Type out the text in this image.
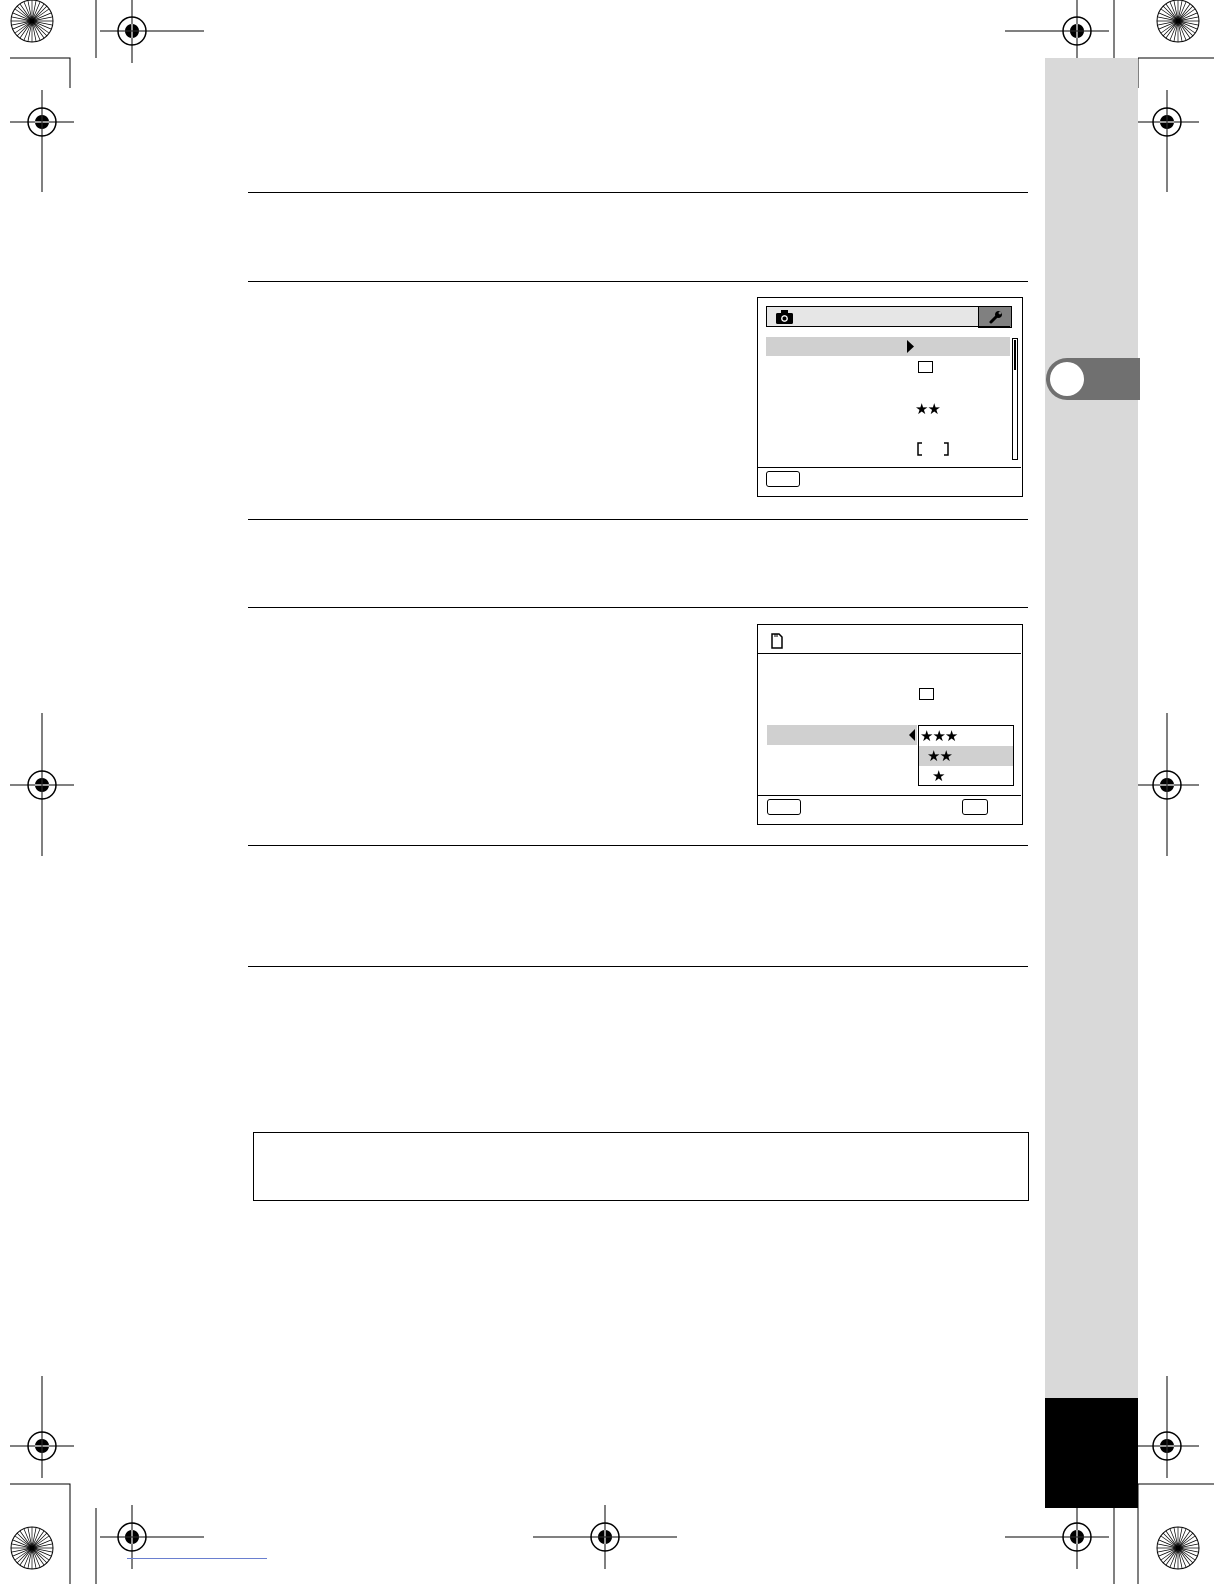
★★
★★★
★★
★
